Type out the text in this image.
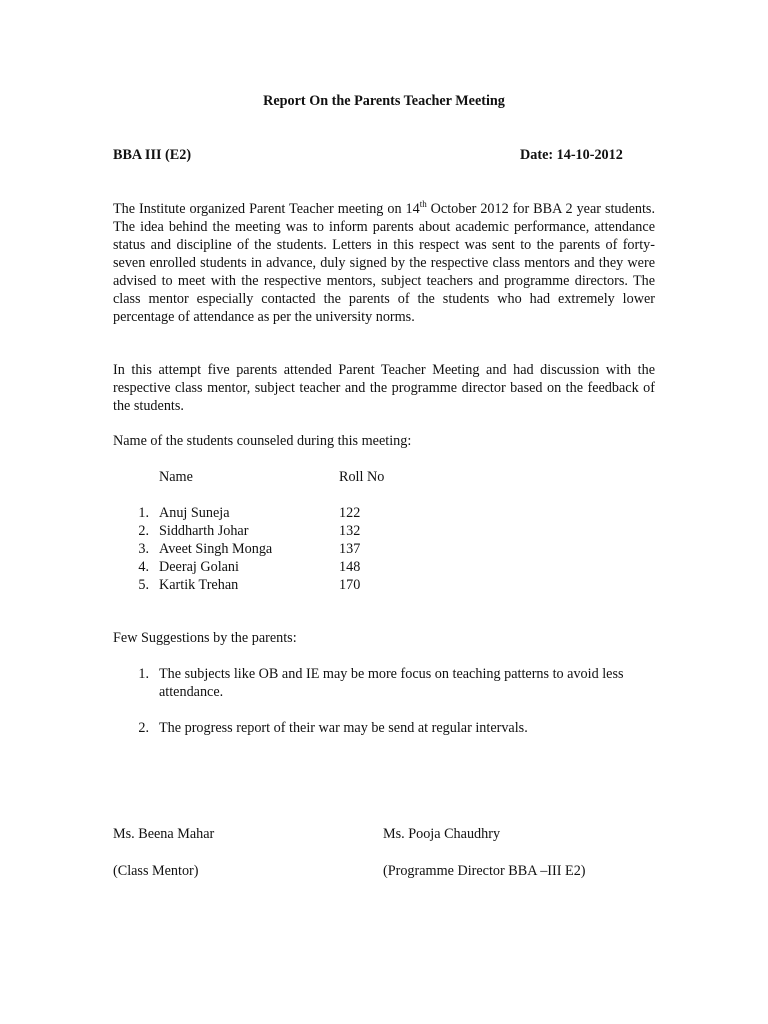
Report On the Parents Teacher Meeting
BBA III (E2)	Date: 14-10-2012

The Institute organized Parent Teacher meeting on 14th October 2012 for BBA 2 year students. The idea behind the meeting was to inform parents about academic performance, attendance status and discipline of the students. Letters in this respect was sent to the parents of forty-seven enrolled students in advance, duly signed by the respective class mentors and they were advised to meet with the respective mentors, subject teachers and programme directors. The class mentor especially contacted the parents of the students who had extremely lower percentage of attendance as per the university norms.

In this attempt five parents attended Parent Teacher Meeting and had discussion with the respective class mentor, subject teacher and the programme director based on the feedback of the students.

Name of the students counseled during this meeting:

Name	Roll No
1. Anuj Suneja	122
2. Siddharth Johar	132
3. Aveet Singh Monga	137
4. Deeraj Golani	148
5. Kartik Trehan	170

Few Suggestions by the parents:

1. The subjects like OB and IE may be more focus on teaching patterns to avoid less attendance.
2. The progress report of their war may be send at regular intervals.
Ms. Beena Mahar
(Class Mentor)
Ms. Pooja Chaudhry
(Programme Director BBA –III E2)
